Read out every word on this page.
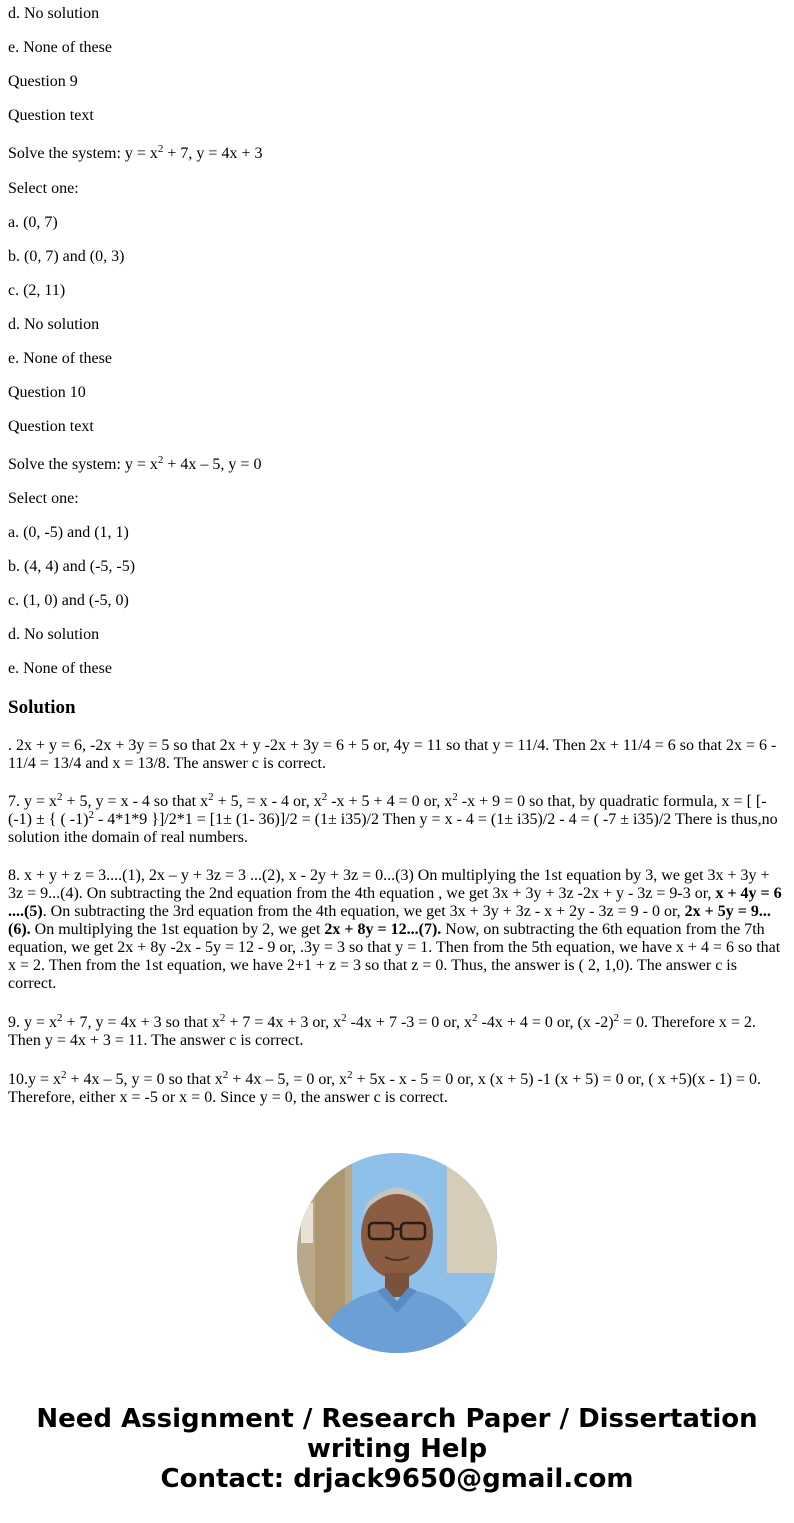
d. No solution

e. None of these

Question 9

Question text

Solve the system: $y = x^2 + 7$, y = 4x + 3

Select one:

a. (0, 7)

b. (0, 7) and (0, 3)

c. (2, 11)

d. No solution

e. None of these

Question 10

Question text

Solve the system: $y = x^2 + 4x - 5$, y = 0

Select one:

a. (0, -5) and (1, 1)

b. (4, 4) and (-5, -5)

c. (1, 0) and (-5, 0)

d. No solution

e. None of these

Solution

. 2x + y = 6, -2x + 3y = 5 so that 2x + y -2x + 3y = 6 + 5 or, 4y = 11 so that y = 11/4. Then 2x + 11/4 = 6 so that 2x = 6 - 11/4 = 13/4 and x = 13/8. The answer c is correct.

7. $y = x^2 + 5$, y = x - 4 so that $x^2 + 5$, = x - 4 or, $x^2$ -x + 5 + 4 = 0 or, $x^2$ -x + 9 = 0 so that, by quadratic formula, x = [ [-(-1) ± { ( -1)$^2$ - 4*1*9 }]/2*1 = [1± (1- 36)]/2 = (1± i35)/2 Then y = x - 4 = (1± i35)/2 - 4 = ( -7 ± i35)/2 There is thus,no solution ithe domain of real numbers.

8. x + y + z = 3....(1), 2x – y + 3z = 3 ...(2), x - 2y + 3z = 0...(3) On multiplying the 1st equation by 3, we get 3x + 3y + 3z = 9...(4). On subtracting the 2nd equation from the 4th equation , we get 3x + 3y + 3z -2x + y - 3z = 9-3 or, x + 4y = 6 ....(5). On subtracting the 3rd equation from the 4th equation, we get 3x + 3y + 3z - x + 2y - 3z = 9 - 0 or, 2x + 5y = 9...(6). On multiplying the 1st equation by 2, we get 2x + 8y = 12...(7). Now, on subtracting the 6th equation from the 7th equation, we get 2x + 8y -2x - 5y = 12 - 9 or, .3y = 3 so that y = 1. Then from the 5th equation, we have x + 4 = 6 so that x = 2. Then from the 1st equation, we have 2+1 + z = 3 so that z = 0. Thus, the answer is ( 2, 1,0). The answer c is correct.

9. $y = x^2 + 7$, y = 4x + 3 so that $x^2 + 7 = 4x + 3$ or, $x^2$ -4x + 7 -3 = 0 or, $x^2$ -4x + 4 = 0 or, (x -2)$^2$ = 0. Therefore x = 2. Then y = 4x + 3 = 11. The answer c is correct.

$10.y = x^2 + 4x - 5$, y = 0 so that $x^2 + 4x - 5$, = 0 or, $x^2 + 5x - x - 5 = 0$ or, x (x + 5) -1 (x + 5) = 0 or, ( x +5)(x - 1) = 0. Therefore, either x = -5 or x = 0. Since y = 0, the answer c is correct.

Need Assignment / Research Paper / Dissertation
writing Help
Contact: drjack9650@gmail.com
